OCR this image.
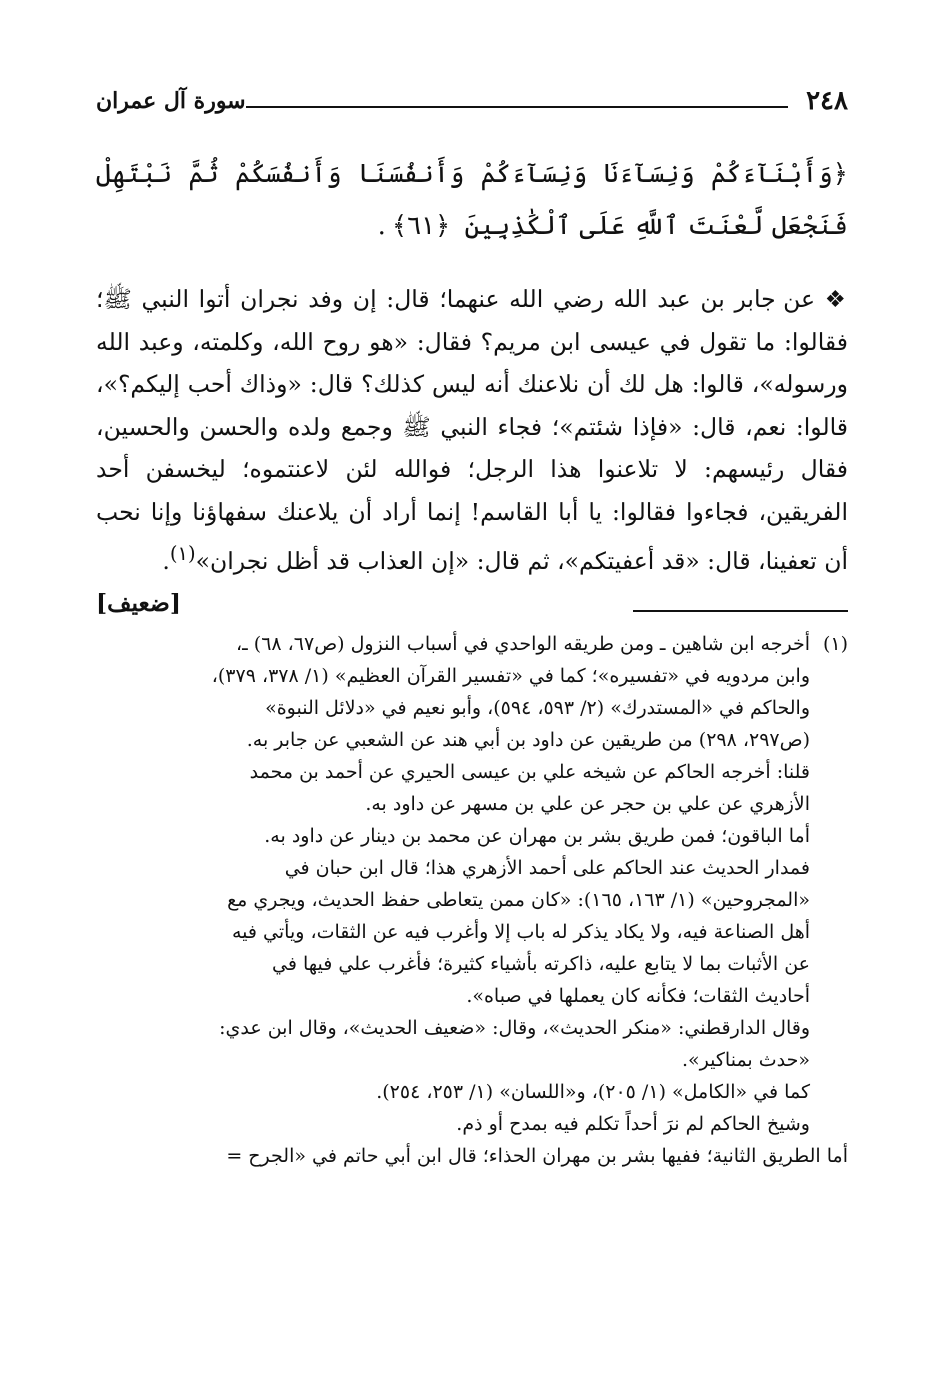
٢٤٨
سورة آل عمران
﴿وَأَبْنَآءَكُمْ وَنِسَآءَنَا وَنِسَآءَكُمْ وَأَنفُسَنَا وَأَنفُسَكُمْ ثُمَّ نَبْتَهِلْ فَنَجْعَل لَّعْنَتَ ٱللَّهِ عَلَى ٱلْكَٰذِبِينَ ﴿٦١﴾.
❖ عن جابر بن عبد الله رضي الله عنهما؛ قال: إن وفد نجران أتوا النبي ﷺ؛ فقالوا: ما تقول في عيسى ابن مريم؟ فقال: «هو روح الله، وكلمته، وعبد الله ورسوله»، قالوا: هل لك أن نلاعنك أنه ليس كذلك؟ قال: «وذاك أحب إليكم؟»، قالوا: نعم، قال: «فإذا شئتم»؛ فجاء النبي ﷺ وجمع ولده والحسن والحسين، فقال رئيسهم: لا تلاعنوا هذا الرجل؛ فوالله لئن لاعنتموه؛ ليخسفن أحد الفريقين، فجاءوا فقالوا: يا أبا القاسم! إنما أراد أن يلاعنك سفهاؤنا وإنا نحب أن تعفينا، قال: «قد أعفيتكم»، ثم قال: «إن العذاب قد أظل نجران»$^{(١)}$.
[ضعيف]
(١)أخرجه ابن شاهين ـ ومن طريقه الواحدي في أسباب النزول (ص٦٧، ٦٨) ـ،
وابن مردويه في «تفسيره»؛ كما في «تفسير القرآن العظيم» (١/ ٣٧٨، ٣٧٩)،
والحاكم في «المستدرك» (٢/ ٥٩٣، ٥٩٤)، وأبو نعيم في «دلائل النبوة»
(ص٢٩٧، ٢٩٨) من طريقين عن داود بن أبي هند عن الشعبي عن جابر به.
قلنا: أخرجه الحاكم عن شيخه علي بن عيسى الحيري عن أحمد بن محمد
الأزهري عن علي بن حجر عن علي بن مسهر عن داود به.
أما الباقون؛ فمن طريق بشر بن مهران عن محمد بن دينار عن داود به.
فمدار الحديث عند الحاكم على أحمد الأزهري هذا؛ قال ابن حبان في
«المجروحين» (١/ ١٦٣، ١٦٥): «كان ممن يتعاطى حفظ الحديث، ويجري مع
أهل الصناعة فيه، ولا يكاد يذكر له باب إلا وأغرب فيه عن الثقات، ويأتي فيه
عن الأثبات بما لا يتابع عليه، ذاكرته بأشياء كثيرة؛ فأغرب علي فيها في
أحاديث الثقات؛ فكأنه كان يعملها في صباه».
وقال الدارقطني: «منكر الحديث»، وقال: «ضعيف الحديث»، وقال ابن عدي:
«حدث بمناكير».
كما في «الكامل» (١/ ٢٠٥)، و«اللسان» (١/ ٢٥٣، ٢٥٤).
وشيخ الحاكم لم نرَ أحداً تكلم فيه بمدح أو ذم.
أما الطريق الثانية؛ ففيها بشر بن مهران الحذاء؛ قال ابن أبي حاتم في «الجرح =
